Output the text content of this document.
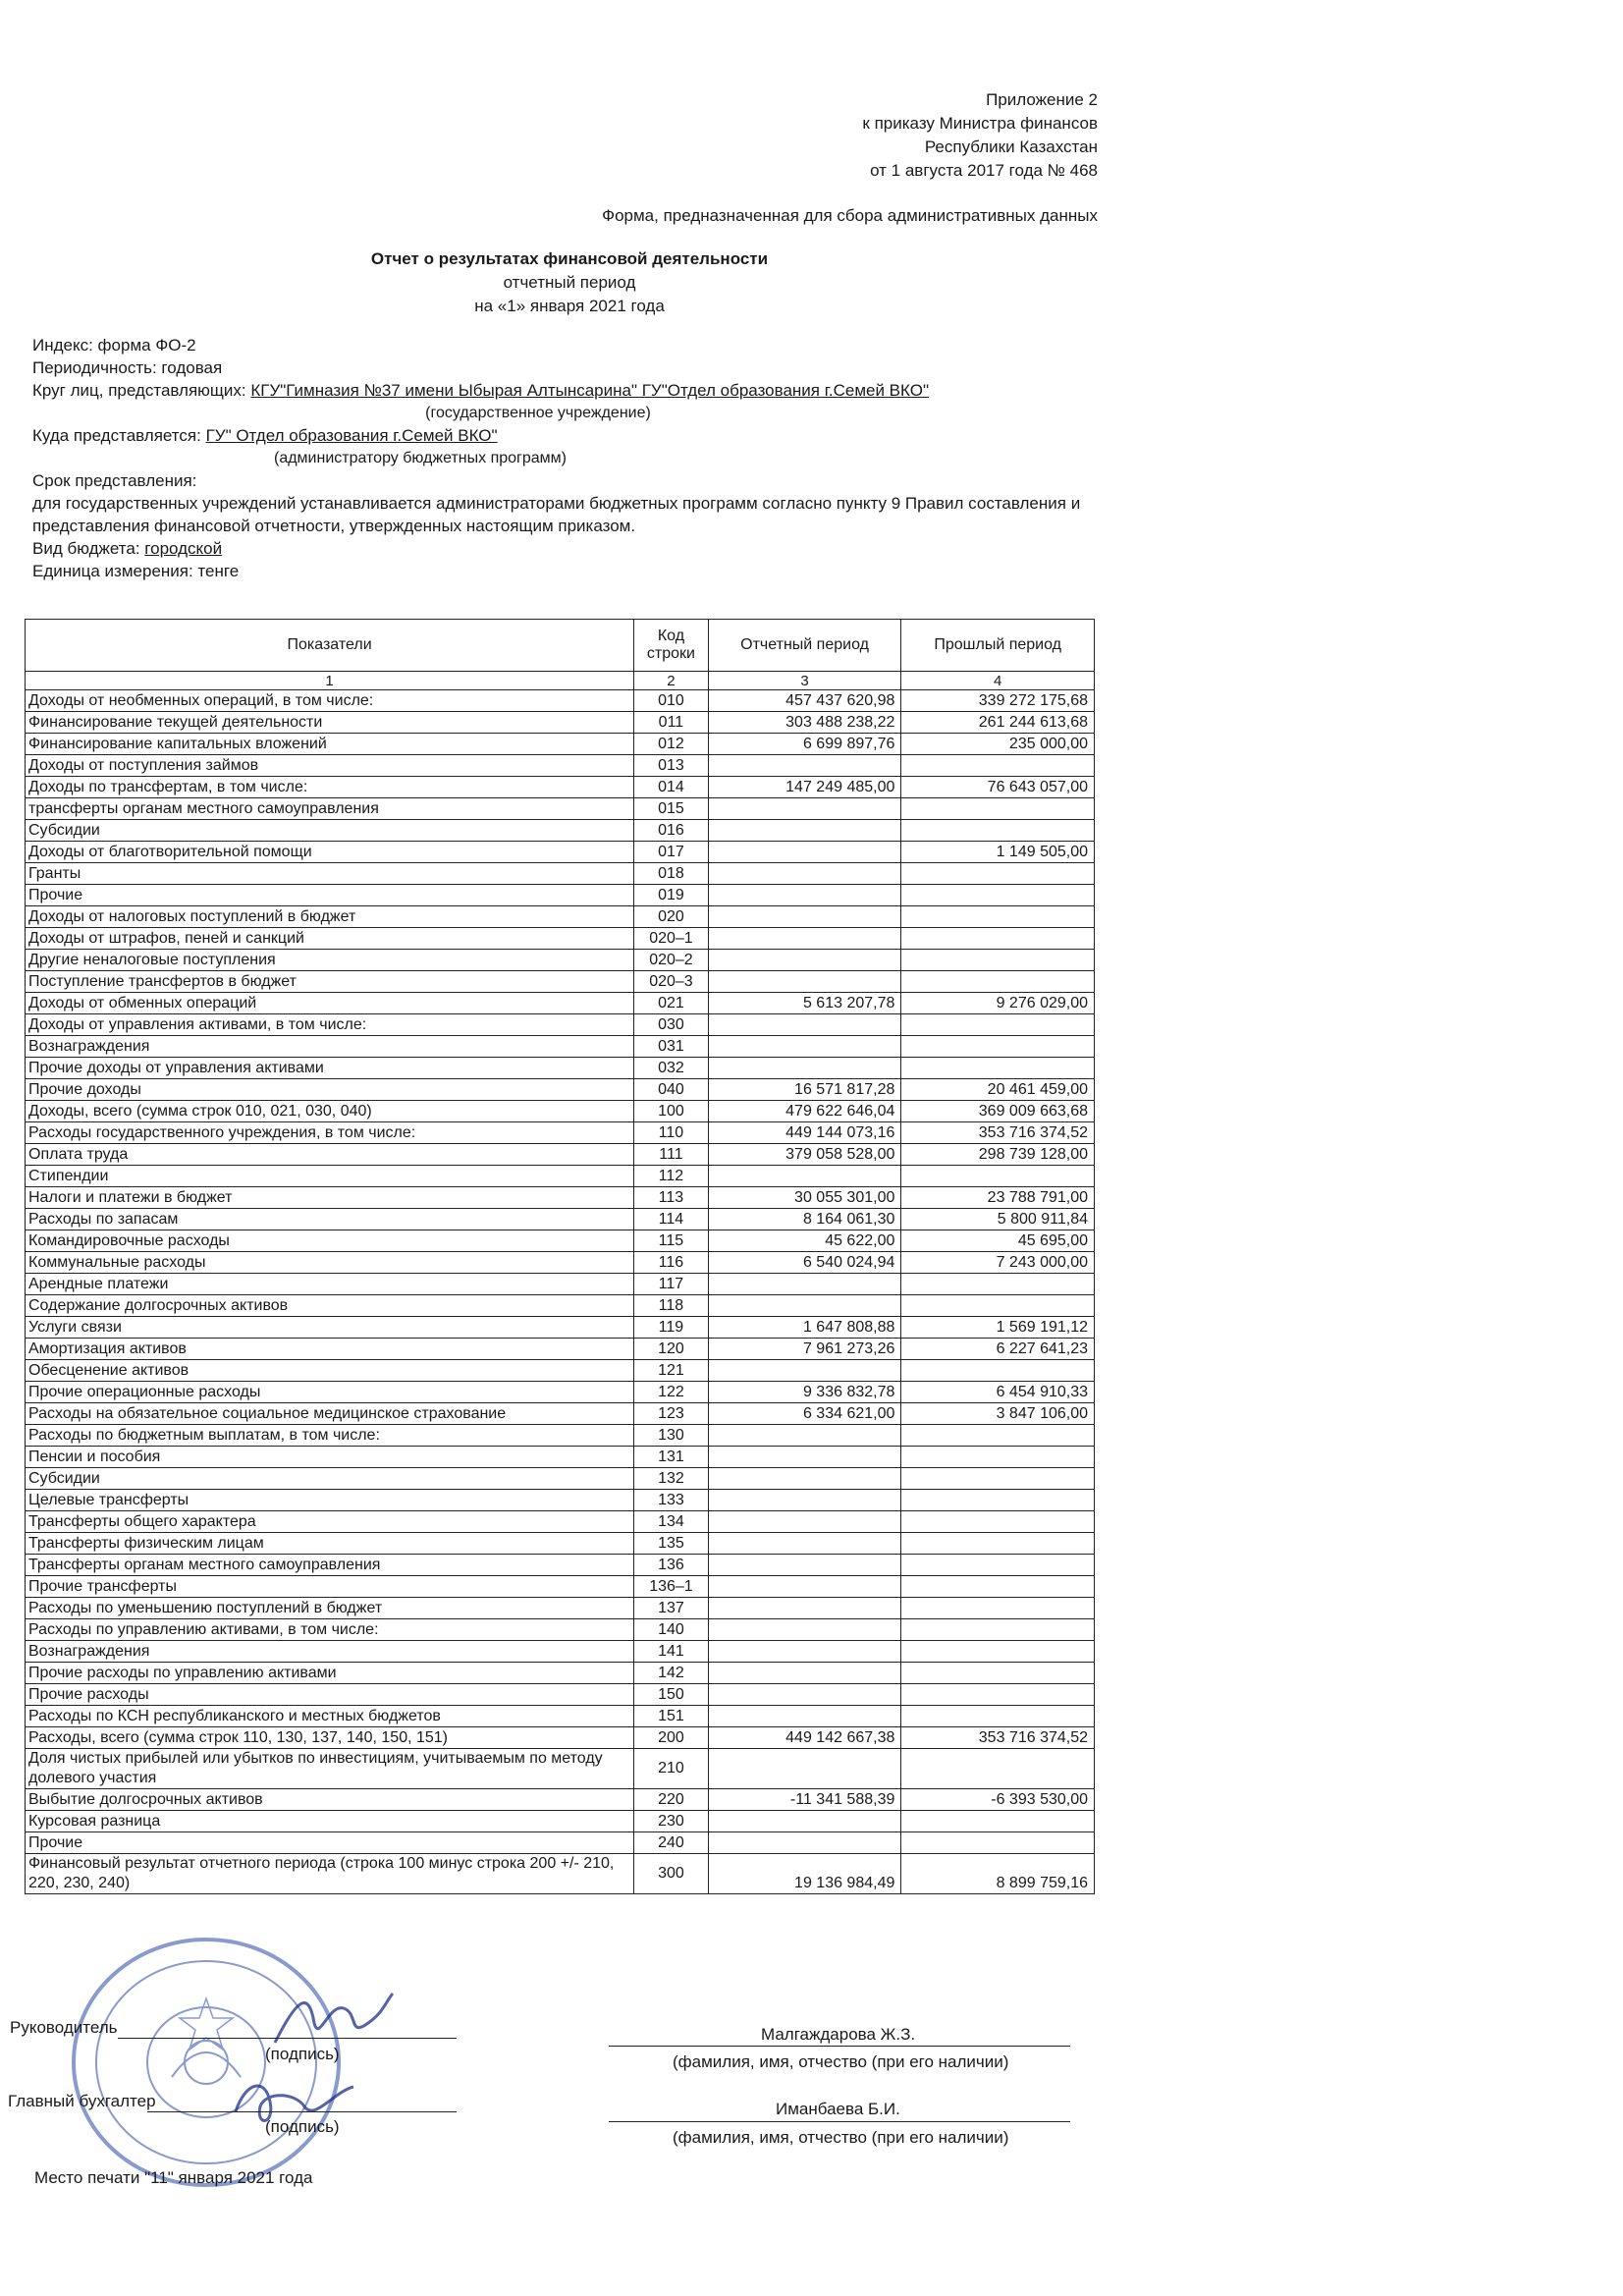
Приложение 2
к приказу Министра финансов
Республики Казахстан
от 1 августа 2017 года № 468
Форма, предназначенная для сбора административных данных
Отчет о результатах финансовой деятельности
отчетный период
на «1» января 2021 года
Индекс: форма ФО-2
Периодичность: годовая
Круг лиц, представляющих: КГУ"Гимназия №37 имени Ыбырая Алтынсарина" ГУ"Отдел образования г.Семей ВКО"
(государственное учреждение)
Куда представляется: ГУ" Отдел образования г.Семей ВКО"
(администратору бюджетных программ)
Срок представления:
для государственных учреждений устанавливается администраторами бюджетных программ согласно пункту 9 Правил составления и представления финансовой отчетности, утвержденных настоящим приказом.
Вид бюджета: городской
Единица измерения: тенге
Показатели	Код строки	Отчетный период	Прошлый период
1	2	3	4
Доходы от необменных операций, в том числе:	010	457 437 620,98	339 272 175,68
Финансирование текущей деятельности	011	303 488 238,22	261 244 613,68
Финансирование капитальных вложений	012	6 699 897,76	235 000,00
Доходы от поступления займов	013		
Доходы по трансфертам, в том числе:	014	147 249 485,00	76 643 057,00
трансферты органам местного самоуправления	015		
Субсидии	016		
Доходы от благотворительной помощи	017		1 149 505,00
Гранты	018		
Прочие	019		
Доходы от налоговых поступлений в бюджет	020		
Доходы от штрафов, пеней и санкций	020–1		
Другие неналоговые поступления	020–2		
Поступление трансфертов в бюджет	020–3		
Доходы от обменных операций	021	5 613 207,78	9 276 029,00
Доходы от управления активами, в том числе:	030		
Вознаграждения	031		
Прочие доходы от управления активами	032		
Прочие доходы	040	16 571 817,28	20 461 459,00
Доходы, всего (сумма строк 010, 021, 030, 040)	100	479 622 646,04	369 009 663,68
Расходы государственного учреждения, в том числе:	110	449 144 073,16	353 716 374,52
Оплата труда	111	379 058 528,00	298 739 128,00
Стипендии	112		
Налоги и платежи в бюджет	113	30 055 301,00	23 788 791,00
Расходы по запасам	114	8 164 061,30	5 800 911,84
Командировочные расходы	115	45 622,00	45 695,00
Коммунальные расходы	116	6 540 024,94	7 243 000,00
Арендные платежи	117		
Содержание долгосрочных активов	118		
Услуги связи	119	1 647 808,88	1 569 191,12
Амортизация активов	120	7 961 273,26	6 227 641,23
Обесценение активов	121		
Прочие операционные расходы	122	9 336 832,78	6 454 910,33
Расходы на обязательное социальное медицинское страхование	123	6 334 621,00	3 847 106,00
Расходы по бюджетным выплатам, в том числе:	130		
Пенсии и пособия	131		
Субсидии	132		
Целевые трансферты	133		
Трансферты общего характера	134		
Трансферты физическим лицам	135		
Трансферты органам местного самоуправления	136		
Прочие трансферты	136–1		
Расходы по уменьшению поступлений в бюджет	137		
Расходы по управлению активами, в том числе:	140		
Вознаграждения	141		
Прочие расходы по управлению активами	142		
Прочие расходы	150		
Расходы по КСН республиканского и местных бюджетов	151		
Расходы, всего (сумма строк 110, 130, 137, 140, 150, 151)	200	449 142 667,38	353 716 374,52
Доля чистых прибылей или убытков по инвестициям, учитываемым по методу долевого участия	210		
Выбытие долгосрочных активов	220	-11 341 588,39	-6 393 530,00
Курсовая разница	230		
Прочие	240		
Финансовый результат отчетного периода (строка 100 минус строка 200 +/- 210, 220, 230, 240)	300	19 136 984,49	8 899 759,16
Руководитель
(подпись)
Малгаждарова Ж.З.
(фамилия, имя, отчество (при его наличии)
Главный бухгалтер
(подпись)
Иманбаева Б.И.
(фамилия, имя, отчество (при его наличии)
Место печати "11" января 2021 года
